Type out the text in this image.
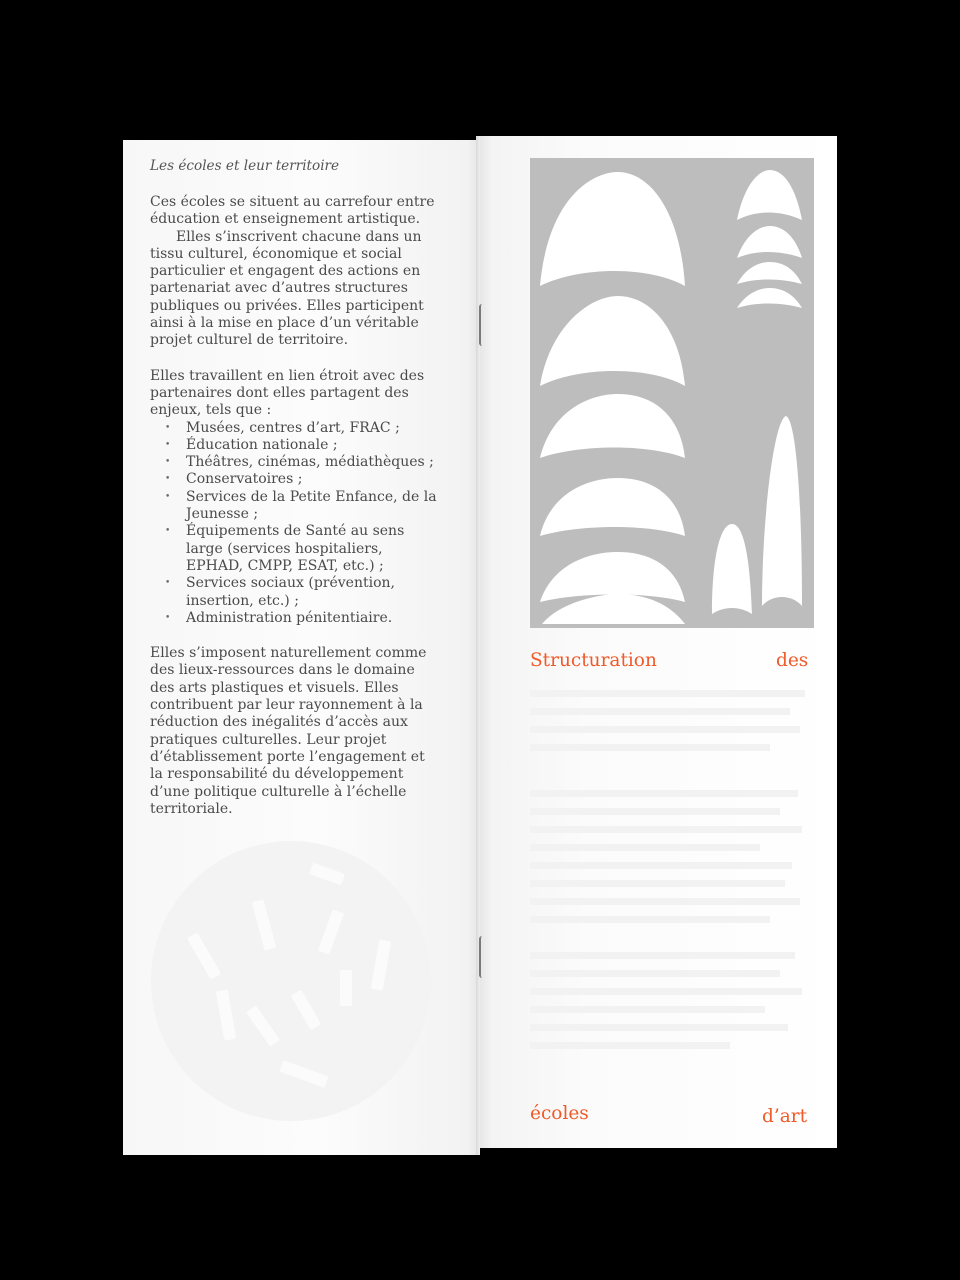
Les écoles et leur territoire

Ces écoles se situent au carrefour entre éducation et enseignement artistique.

Elles s’inscrivent chacune dans un tissu culturel, économique et social particulier et engagent des actions en partenariat avec d’autres structures publiques ou privées. Elles participent ainsi à la mise en place d’un véritable projet culturel de territoire.

Elles travaillent en lien étroit avec des partenaires dont elles partagent des enjeux, tels que :

• Musées, centres d’art, FRAC ;
• Éducation nationale ;
• Théâtres, cinémas, médiathèques ;
• Conservatoires ;
• Services de la Petite Enfance, de la Jeunesse ;
• Équipements de Santé au sens large (services hospitaliers, EPHAD, CMPP, ESAT, etc.) ;
• Services sociaux (prévention, insertion, etc.) ;
• Administration pénitentiaire.

Elles s’imposent naturellement comme des lieux-ressources dans le domaine des arts plastiques et visuels. Elles contribuent par leur rayonnement à la réduction des inégalités d’accès aux pratiques culturelles. Leur projet d’établissement porte l’engagement et la responsabilité du développement d’une politique culturelle à l’échelle territoriale.

Structuration	des

écoles	d’art
